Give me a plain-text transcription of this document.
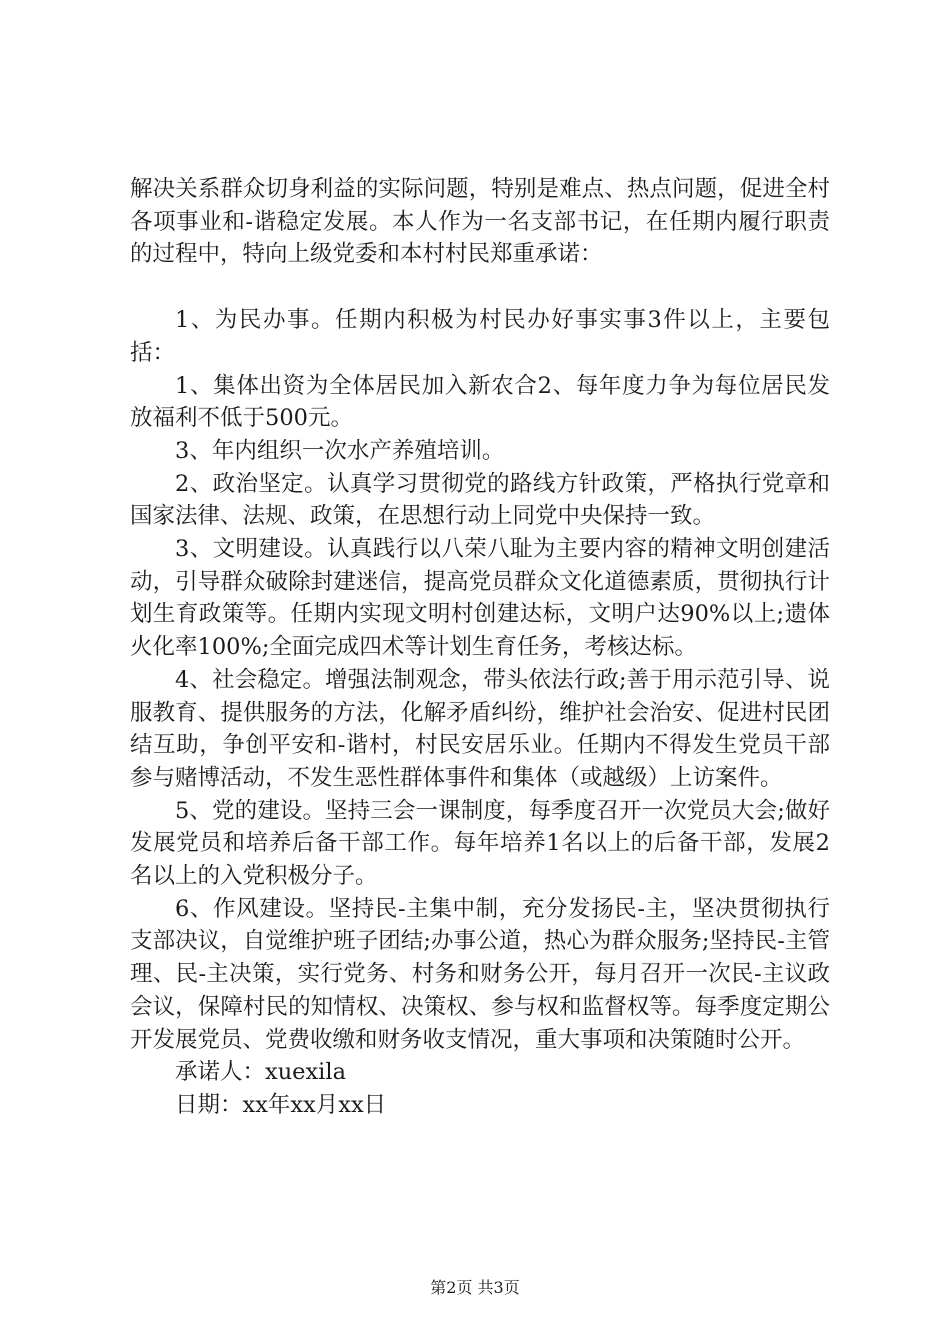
解决关系群众切身利益的实际问题，特别是难点、热点问题，促进全村各项事业和-谐稳定发展。本人作为一名支部书记，在任期内履行职责的过程中，特向上级党委和本村村民郑重承诺：

1、为民办事。任期内积极为村民办好事实事3件以上，主要包括：

1、集体出资为全体居民加入新农合2、每年度力争为每位居民发放福利不低于500元。

3、年内组织一次水产养殖培训。

2、政治坚定。认真学习贯彻党的路线方针政策，严格执行党章和国家法律、法规、政策，在思想行动上同党中央保持一致。

3、文明建设。认真践行以八荣八耻为主要内容的精神文明创建活动，引导群众破除封建迷信，提高党员群众文化道德素质，贯彻执行计划生育政策等。任期内实现文明村创建达标，文明户达90%以上;遗体火化率100%;全面完成四术等计划生育任务，考核达标。

4、社会稳定。增强法制观念，带头依法行政;善于用示范引导、说服教育、提供服务的方法，化解矛盾纠纷，维护社会治安、促进村民团结互助，争创平安和-谐村，村民安居乐业。任期内不得发生党员干部参与赌博活动，不发生恶性群体事件和集体（或越级）上访案件。

5、党的建设。坚持三会一课制度，每季度召开一次党员大会;做好发展党员和培养后备干部工作。每年培养1名以上的后备干部，发展2名以上的入党积极分子。

6、作风建设。坚持民-主集中制，充分发扬民-主，坚决贯彻执行支部决议，自觉维护班子团结;办事公道，热心为群众服务;坚持民-主管理、民-主决策，实行党务、村务和财务公开，每月召开一次民-主议政会议，保障村民的知情权、决策权、参与权和监督权等。每季度定期公开发展党员、党费收缴和财务收支情况，重大事项和决策随时公开。

承诺人：xuexila

日期：xx年xx月xx日

第2页 共3页
